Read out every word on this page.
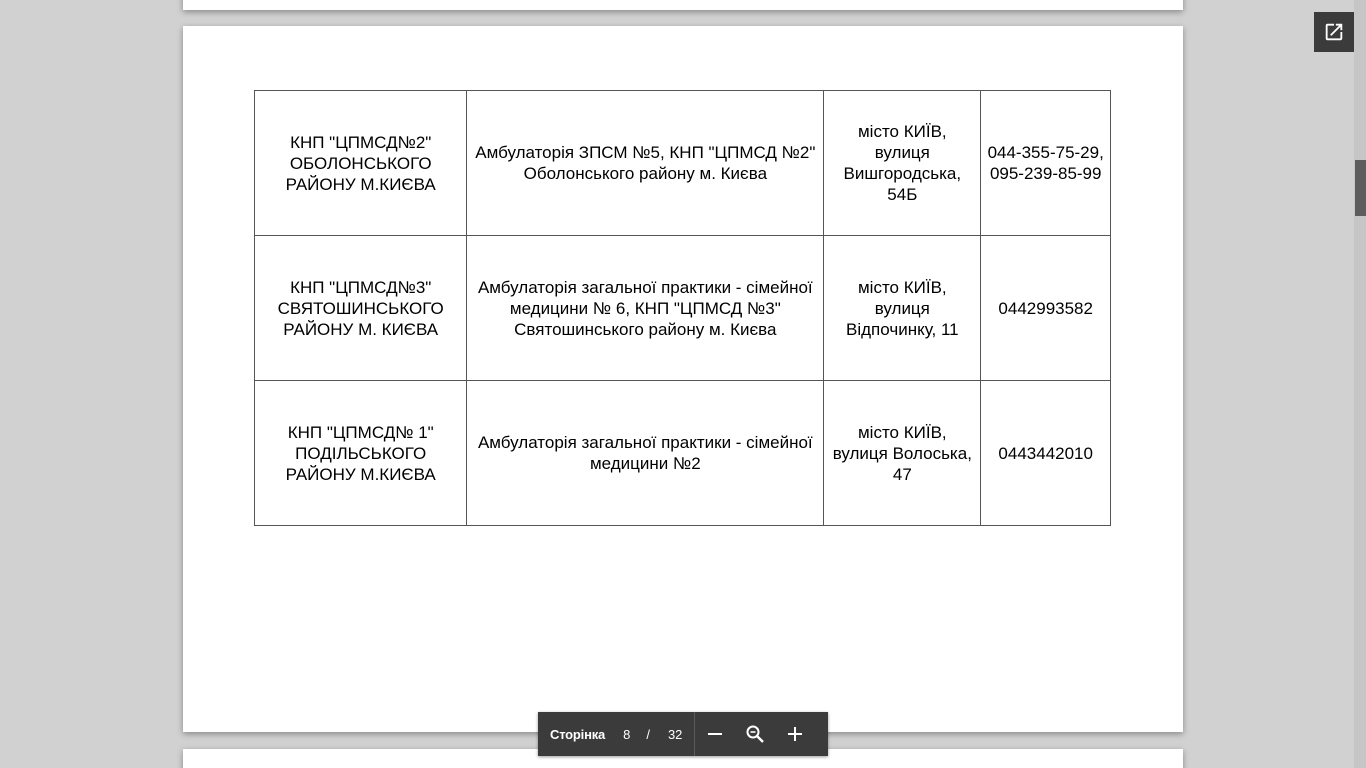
КНП "ЦПМСД№2" ОБОЛОНСЬКОГО РАЙОНУ М.КИЄВА	Амбулаторія ЗПСМ №5, КНП "ЦПМСД №2" Оболонського району м. Києва	місто КИЇВ, вулиця Вишгородська, 54Б	044-355-75-29, 095-239-85-99
КНП "ЦПМСД№3" СВЯТОШИНСЬКОГО РАЙОНУ М. КИЄВА	Амбулаторія загальної практики - сімейної медицини № 6, КНП "ЦПМСД №3" Святошинського району м. Києва	місто КИЇВ, вулиця Відпочинку, 11	0442993582
КНП "ЦПМСД№ 1" ПОДІЛЬСЬКОГО РАЙОНУ М.КИЄВА	Амбулаторія загальної практики - сімейної медицини №2	місто КИЇВ, вулиця Волоська, 47	0443442010
Сторінка 8 / 32
